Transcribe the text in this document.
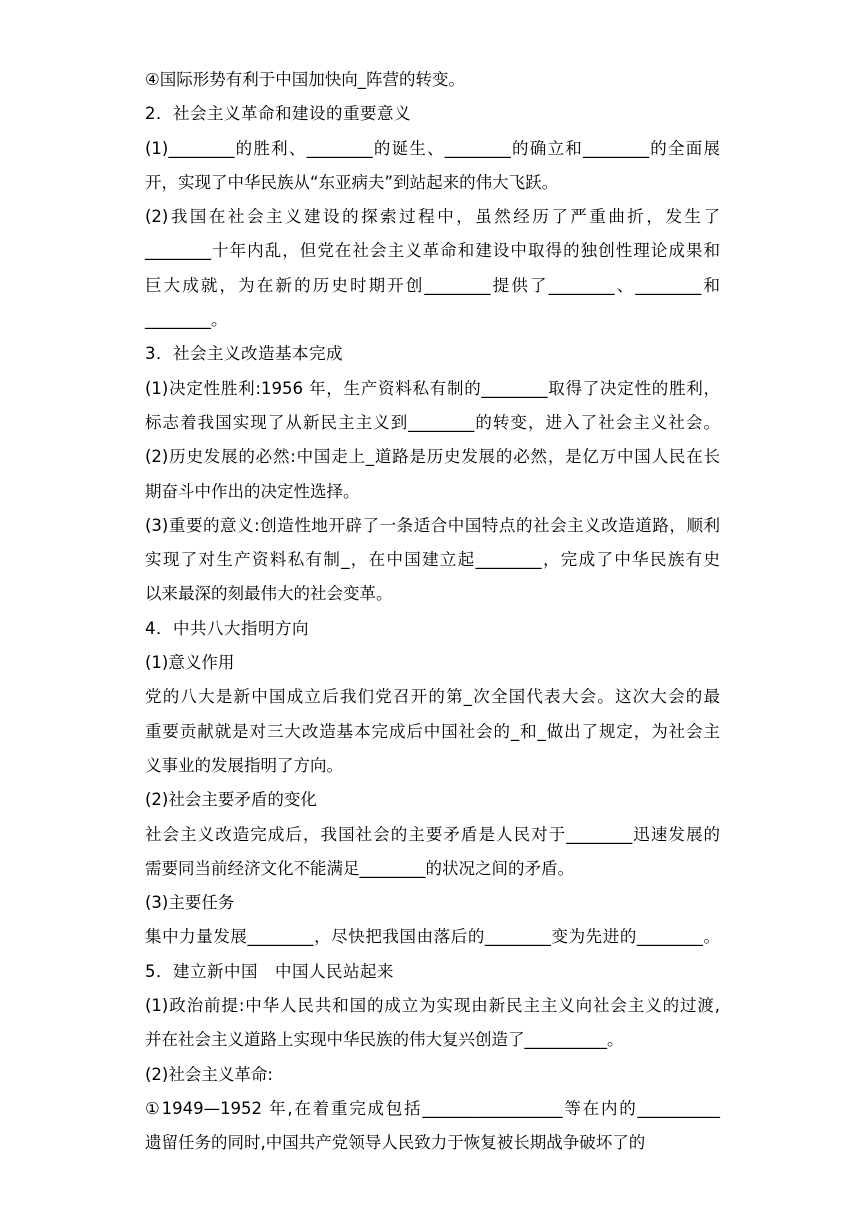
④国际形势有利于中国加快向_阵营的转变。
2．社会主义革命和建设的重要意义
(1)________的胜利、________的诞生、________的确立和________的全面展
开，实现了中华民族从“东亚病夫”到站起来的伟大飞跃。
(2)我国在社会主义建设的探索过程中，虽然经历了严重曲折，发生了
________十年内乱，但党在社会主义革命和建设中取得的独创性理论成果和
巨大成就，为在新的历史时期开创________提供了________、________和
________。
3．社会主义改造基本完成
(1)决定性胜利:1956 年，生产资料私有制的________取得了决定性的胜利，
标志着我国实现了从新民主主义到________的转变，进入了社会主义社会。
(2)历史发展的必然:中国走上_道路是历史发展的必然，是亿万中国人民在长
期奋斗中作出的决定性选择。
(3)重要的意义:创造性地开辟了一条适合中国特点的社会主义改造道路，顺利
实现了对生产资料私有制_，在中国建立起________，完成了中华民族有史
以来最深的刻最伟大的社会变革。
4．中共八大指明方向
(1)意义作用
党的八大是新中国成立后我们党召开的第_次全国代表大会。这次大会的最
重要贡献就是对三大改造基本完成后中国社会的_和_做出了规定，为社会主
义事业的发展指明了方向。
(2)社会主要矛盾的变化
社会主义改造完成后，我国社会的主要矛盾是人民对于________迅速发展的
需要同当前经济文化不能满足________的状况之间的矛盾。
(3)主要任务
集中力量发展________，尽快把我国由落后的________变为先进的________。
5．建立新中国　中国人民站起来
(1)政治前提:中华人民共和国的成立为实现由新民主主义向社会主义的过渡,
并在社会主义道路上实现中华民族的伟大复兴创造了__________。
(2)社会主义革命:
①1949—1952 年,在着重完成包括_________________等在内的__________
遗留任务的同时,中国共产党领导人民致力于恢复被长期战争破坏了的
